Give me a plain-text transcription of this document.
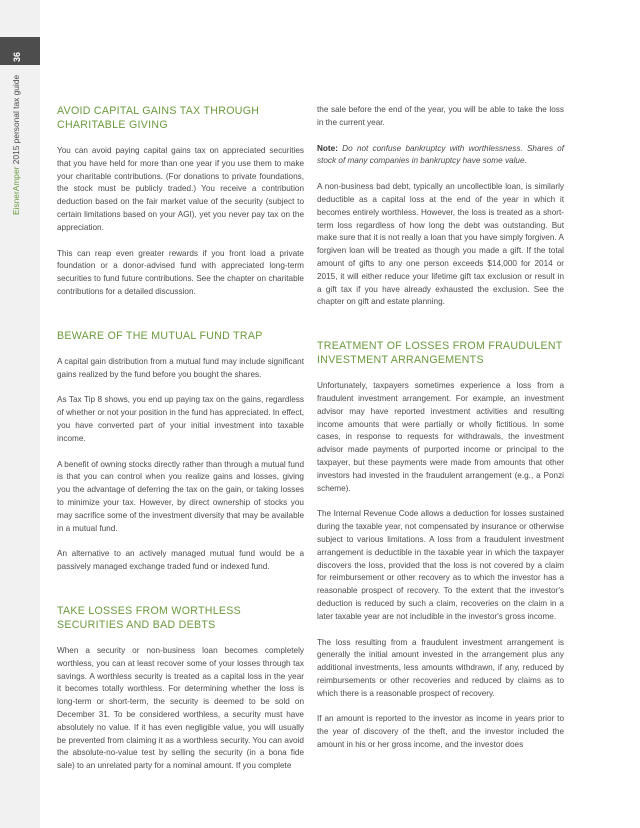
36
EisnerAmper 2015 personal tax guide	AVOID CAPITAL GAINS TAX THROUGH CHARITABLE GIVING

You can avoid paying capital gains tax on appreciated securities that you have held for more than one year if you use them to make your charitable contributions. (For donations to private foundations, the stock must be publicly traded.) You receive a contribution deduction based on the fair market value of the security (subject to certain limitations based on your AGI), yet you never pay tax on the appreciation.

This can reap even greater rewards if you front load a private foundation or a donor-advised fund with appreciated long-term securities to fund future contributions. See the chapter on charitable contributions for a detailed discussion.

BEWARE OF THE MUTUAL FUND TRAP

A capital gain distribution from a mutual fund may include significant gains realized by the fund before you bought the shares.

As Tax Tip 8 shows, you end up paying tax on the gains, regardless of whether or not your position in the fund has appreciated. In effect, you have converted part of your initial investment into taxable income.

A benefit of owning stocks directly rather than through a mutual fund is that you can control when you realize gains and losses, giving you the advantage of deferring the tax on the gain, or taking losses to minimize your tax. However, by direct ownership of stocks you may sacrifice some of the investment diversity that may be available in a mutual fund.

An alternative to an actively managed mutual fund would be a passively managed exchange traded fund or indexed fund.

TAKE LOSSES FROM WORTHLESS SECURITIES AND BAD DEBTS

When a security or non-business loan becomes completely worthless, you can at least recover some of your losses through tax savings. A worthless security is treated as a capital loss in the year it becomes totally worthless. For determining whether the loss is long-term or short-term, the security is deemed to be sold on December 31. To be considered worthless, a security must have absolutely no value. If it has even negligible value, you will usually be prevented from claiming it as a worthless security. You can avoid the absolute-no-value test by selling the security (in a bona fide sale) to an unrelated party for a nominal amount. If you complete

the sale before the end of the year, you will be able to take the loss in the current year.

Note: Do not confuse bankruptcy with worthlessness. Shares of stock of many companies in bankruptcy have some value.

A non-business bad debt, typically an uncollectible loan, is similarly deductible as a capital loss at the end of the year in which it becomes entirely worthless. However, the loss is treated as a short-term loss regardless of how long the debt was outstanding. But make sure that it is not really a loan that you have simply forgiven. A forgiven loan will be treated as though you made a gift. If the total amount of gifts to any one person exceeds $14,000 for 2014 or 2015, it will either reduce your lifetime gift tax exclusion or result in a gift tax if you have already exhausted the exclusion. See the chapter on gift and estate planning.

TREATMENT OF LOSSES FROM FRAUDULENT INVESTMENT ARRANGEMENTS

Unfortunately, taxpayers sometimes experience a loss from a fraudulent investment arrangement. For example, an investment advisor may have reported investment activities and resulting income amounts that were partially or wholly fictitious. In some cases, in response to requests for withdrawals, the investment advisor made payments of purported income or principal to the taxpayer, but these payments were made from amounts that other investors had invested in the fraudulent arrangement (e.g., a Ponzi scheme).

The Internal Revenue Code allows a deduction for losses sustained during the taxable year, not compensated by insurance or otherwise subject to various limitations. A loss from a fraudulent investment arrangement is deductible in the taxable year in which the taxpayer discovers the loss, provided that the loss is not covered by a claim for reimbursement or other recovery as to which the investor has a reasonable prospect of recovery. To the extent that the investor's deduction is reduced by such a claim, recoveries on the claim in a later taxable year are not includible in the investor's gross income.

The loss resulting from a fraudulent investment arrangement is generally the initial amount invested in the arrangement plus any additional investments, less amounts withdrawn, if any, reduced by reimbursements or other recoveries and reduced by claims as to which there is a reasonable prospect of recovery.

If an amount is reported to the investor as income in years prior to the year of discovery of the theft, and the investor included the amount in his or her gross income, and the investor does
